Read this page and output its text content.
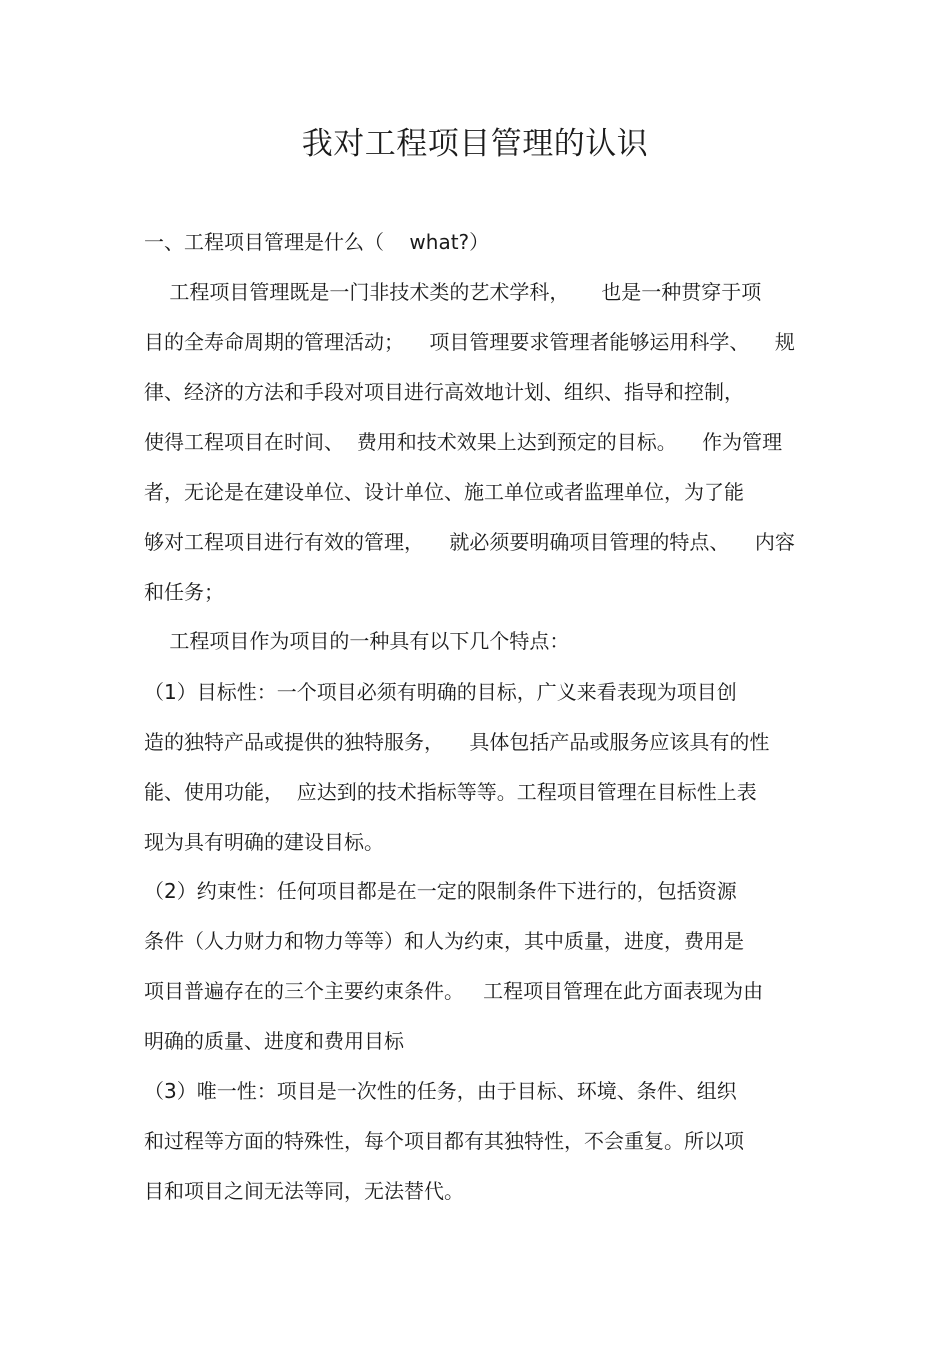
我对工程项目管理的认识
一、工程项目管理是什么（    what?）
工程项目管理既是一门非技术类的艺术学科，     也是一种贯穿于项
目的全寿命周期的管理活动；    项目管理要求管理者能够运用科学、    规
律、经济的方法和手段对项目进行高效地计划、组织、指导和控制，
使得工程项目在时间、  费用和技术效果上达到预定的目标。    作为管理
者，无论是在建设单位、设计单位、施工单位或者监理单位，为了能
够对工程项目进行有效的管理，    就必须要明确项目管理的特点、    内容
和任务；
工程项目作为项目的一种具有以下几个特点：
（1）目标性：一个项目必须有明确的目标，广义来看表现为项目创
造的独特产品或提供的独特服务，    具体包括产品或服务应该具有的性
能、使用功能，  应达到的技术指标等等。工程项目管理在目标性上表
现为具有明确的建设目标。
（2）约束性：任何项目都是在一定的限制条件下进行的，包括资源
条件（人力财力和物力等等）和人为约束，其中质量，进度，费用是
项目普遍存在的三个主要约束条件。   工程项目管理在此方面表现为由
明确的质量、进度和费用目标
（3）唯一性：项目是一次性的任务，由于目标、环境、条件、组织
和过程等方面的特殊性，每个项目都有其独特性，不会重复。所以项
目和项目之间无法等同，无法替代。
